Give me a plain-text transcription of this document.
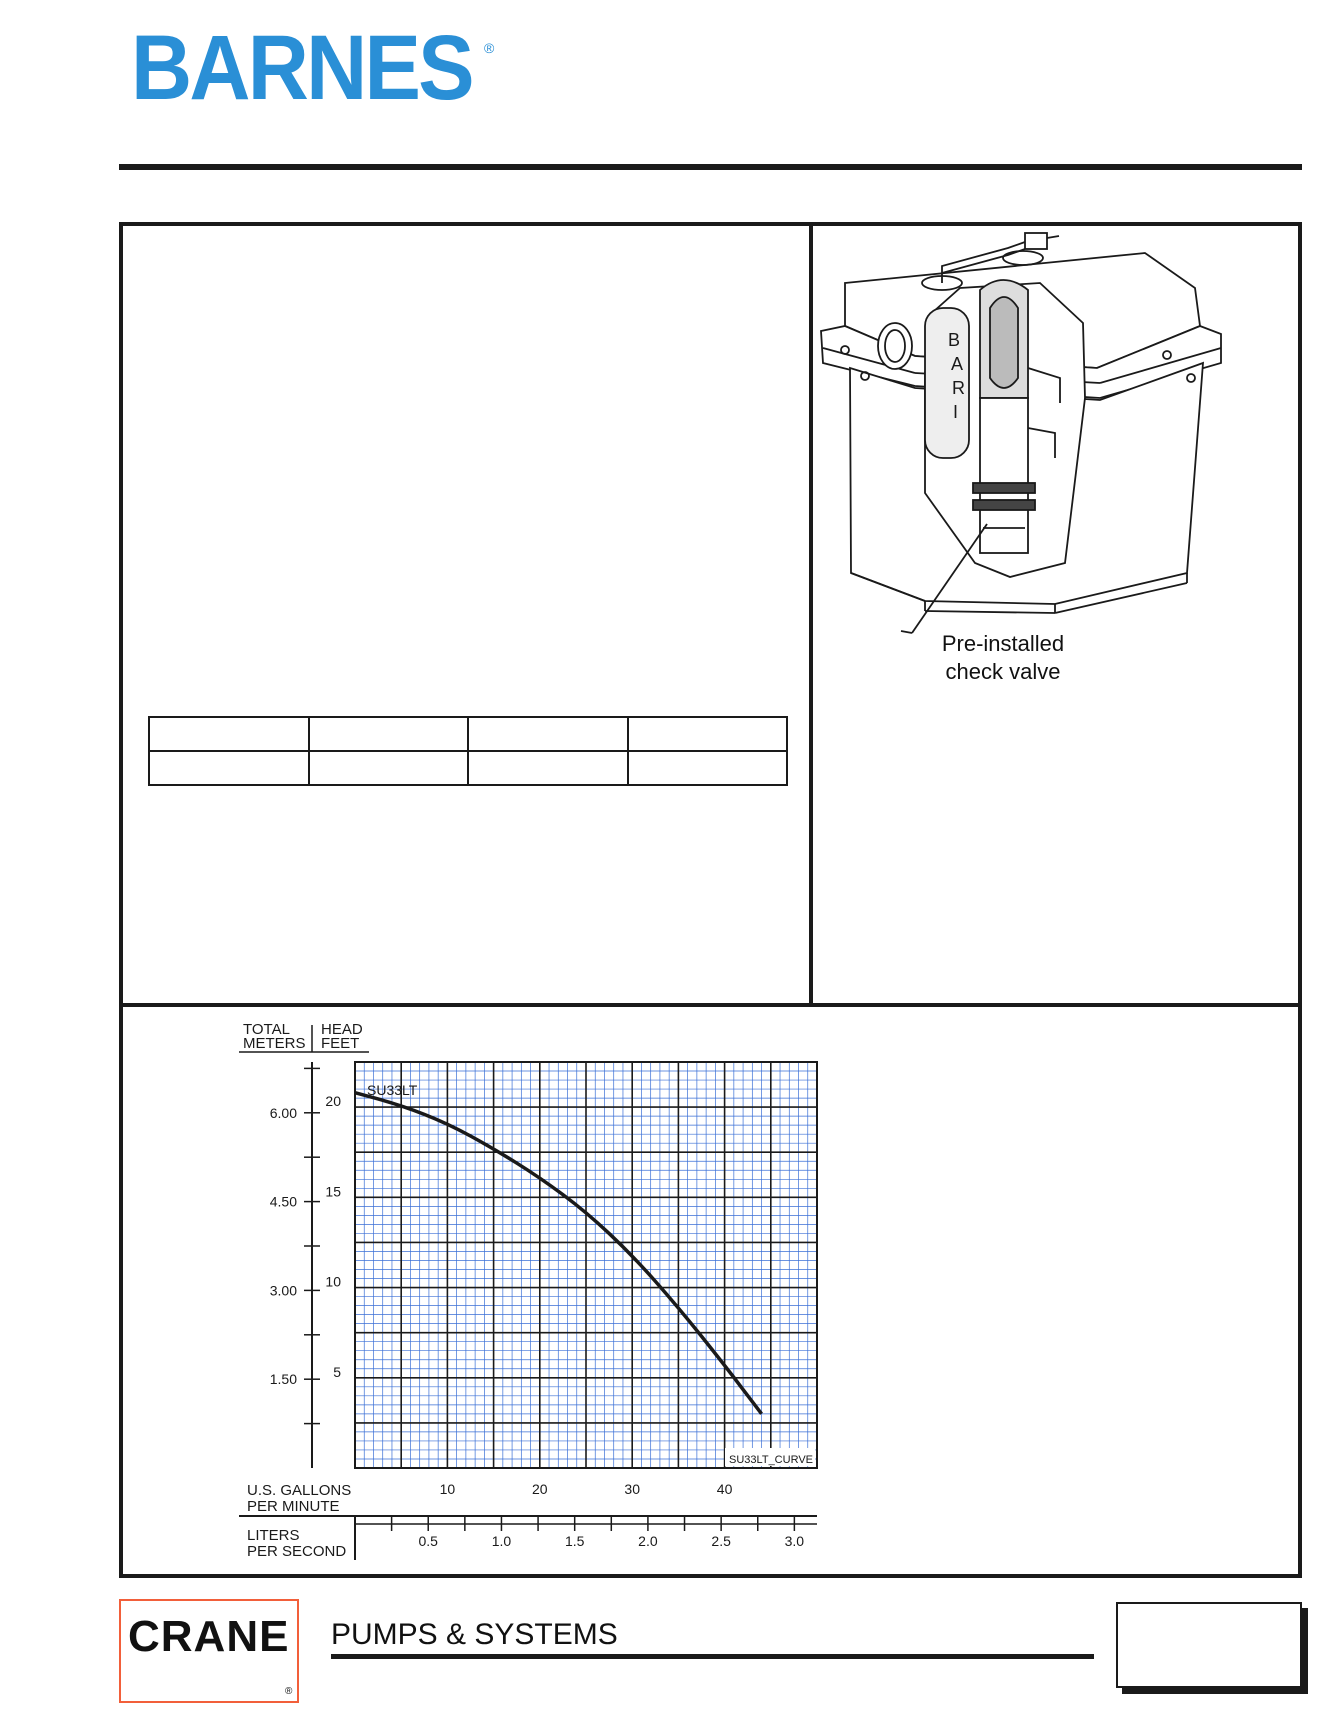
BARNES ®

B
A
R
I
Pre-installed
check valve
TOTAL
METERS
HEAD
FEET
1.50
3.00
4.50
6.00
5
10
15
20
SU33LT
SU33LT_CURVE
U.S. GALLONS
PER MINUTE
10	20	30	40
LITERS
PER SECOND
0.5	1.0	1.5	2.0	2.5	3.0
CRANE
®
PUMPS & SYSTEMS
